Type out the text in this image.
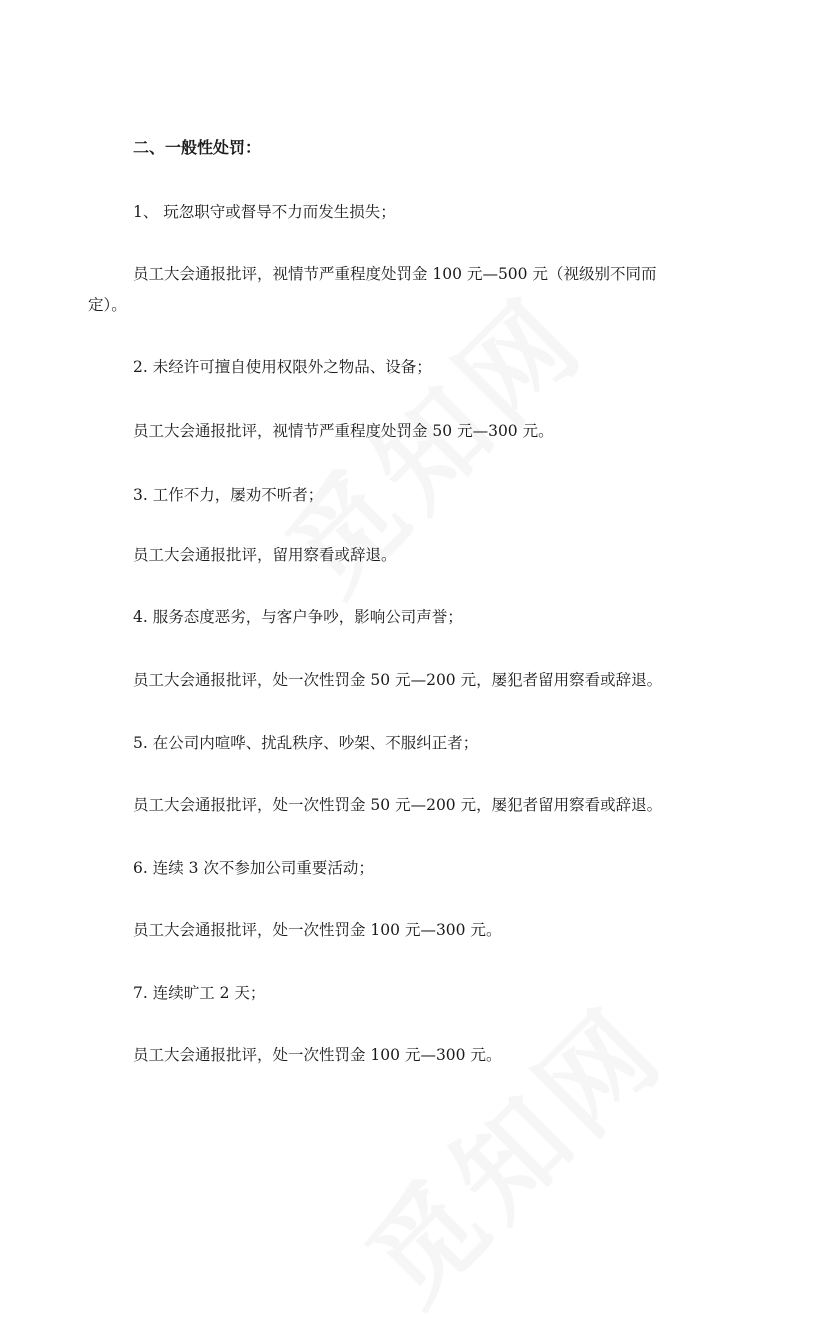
二、一般性处罚：
1、 玩忽职守或督导不力而发生损失；
员工大会通报批评，视情节严重程度处罚金 100 元—500 元（视级别不同而
定）。
2. 未经许可擅自使用权限外之物品、设备；
员工大会通报批评，视情节严重程度处罚金 50 元—300 元。
3. 工作不力，屡劝不听者；
员工大会通报批评，留用察看或辞退。
4. 服务态度恶劣，与客户争吵，影响公司声誉；
员工大会通报批评，处一次性罚金 50 元—200 元，屡犯者留用察看或辞退。
5. 在公司内喧哗、扰乱秩序、吵架、不服纠正者；
员工大会通报批评，处一次性罚金 50 元—200 元，屡犯者留用察看或辞退。
6. 连续 3 次不参加公司重要活动；
员工大会通报批评，处一次性罚金 100 元—300 元。
7. 连续旷工 2 天；
员工大会通报批评，处一次性罚金 100 元—300 元。
